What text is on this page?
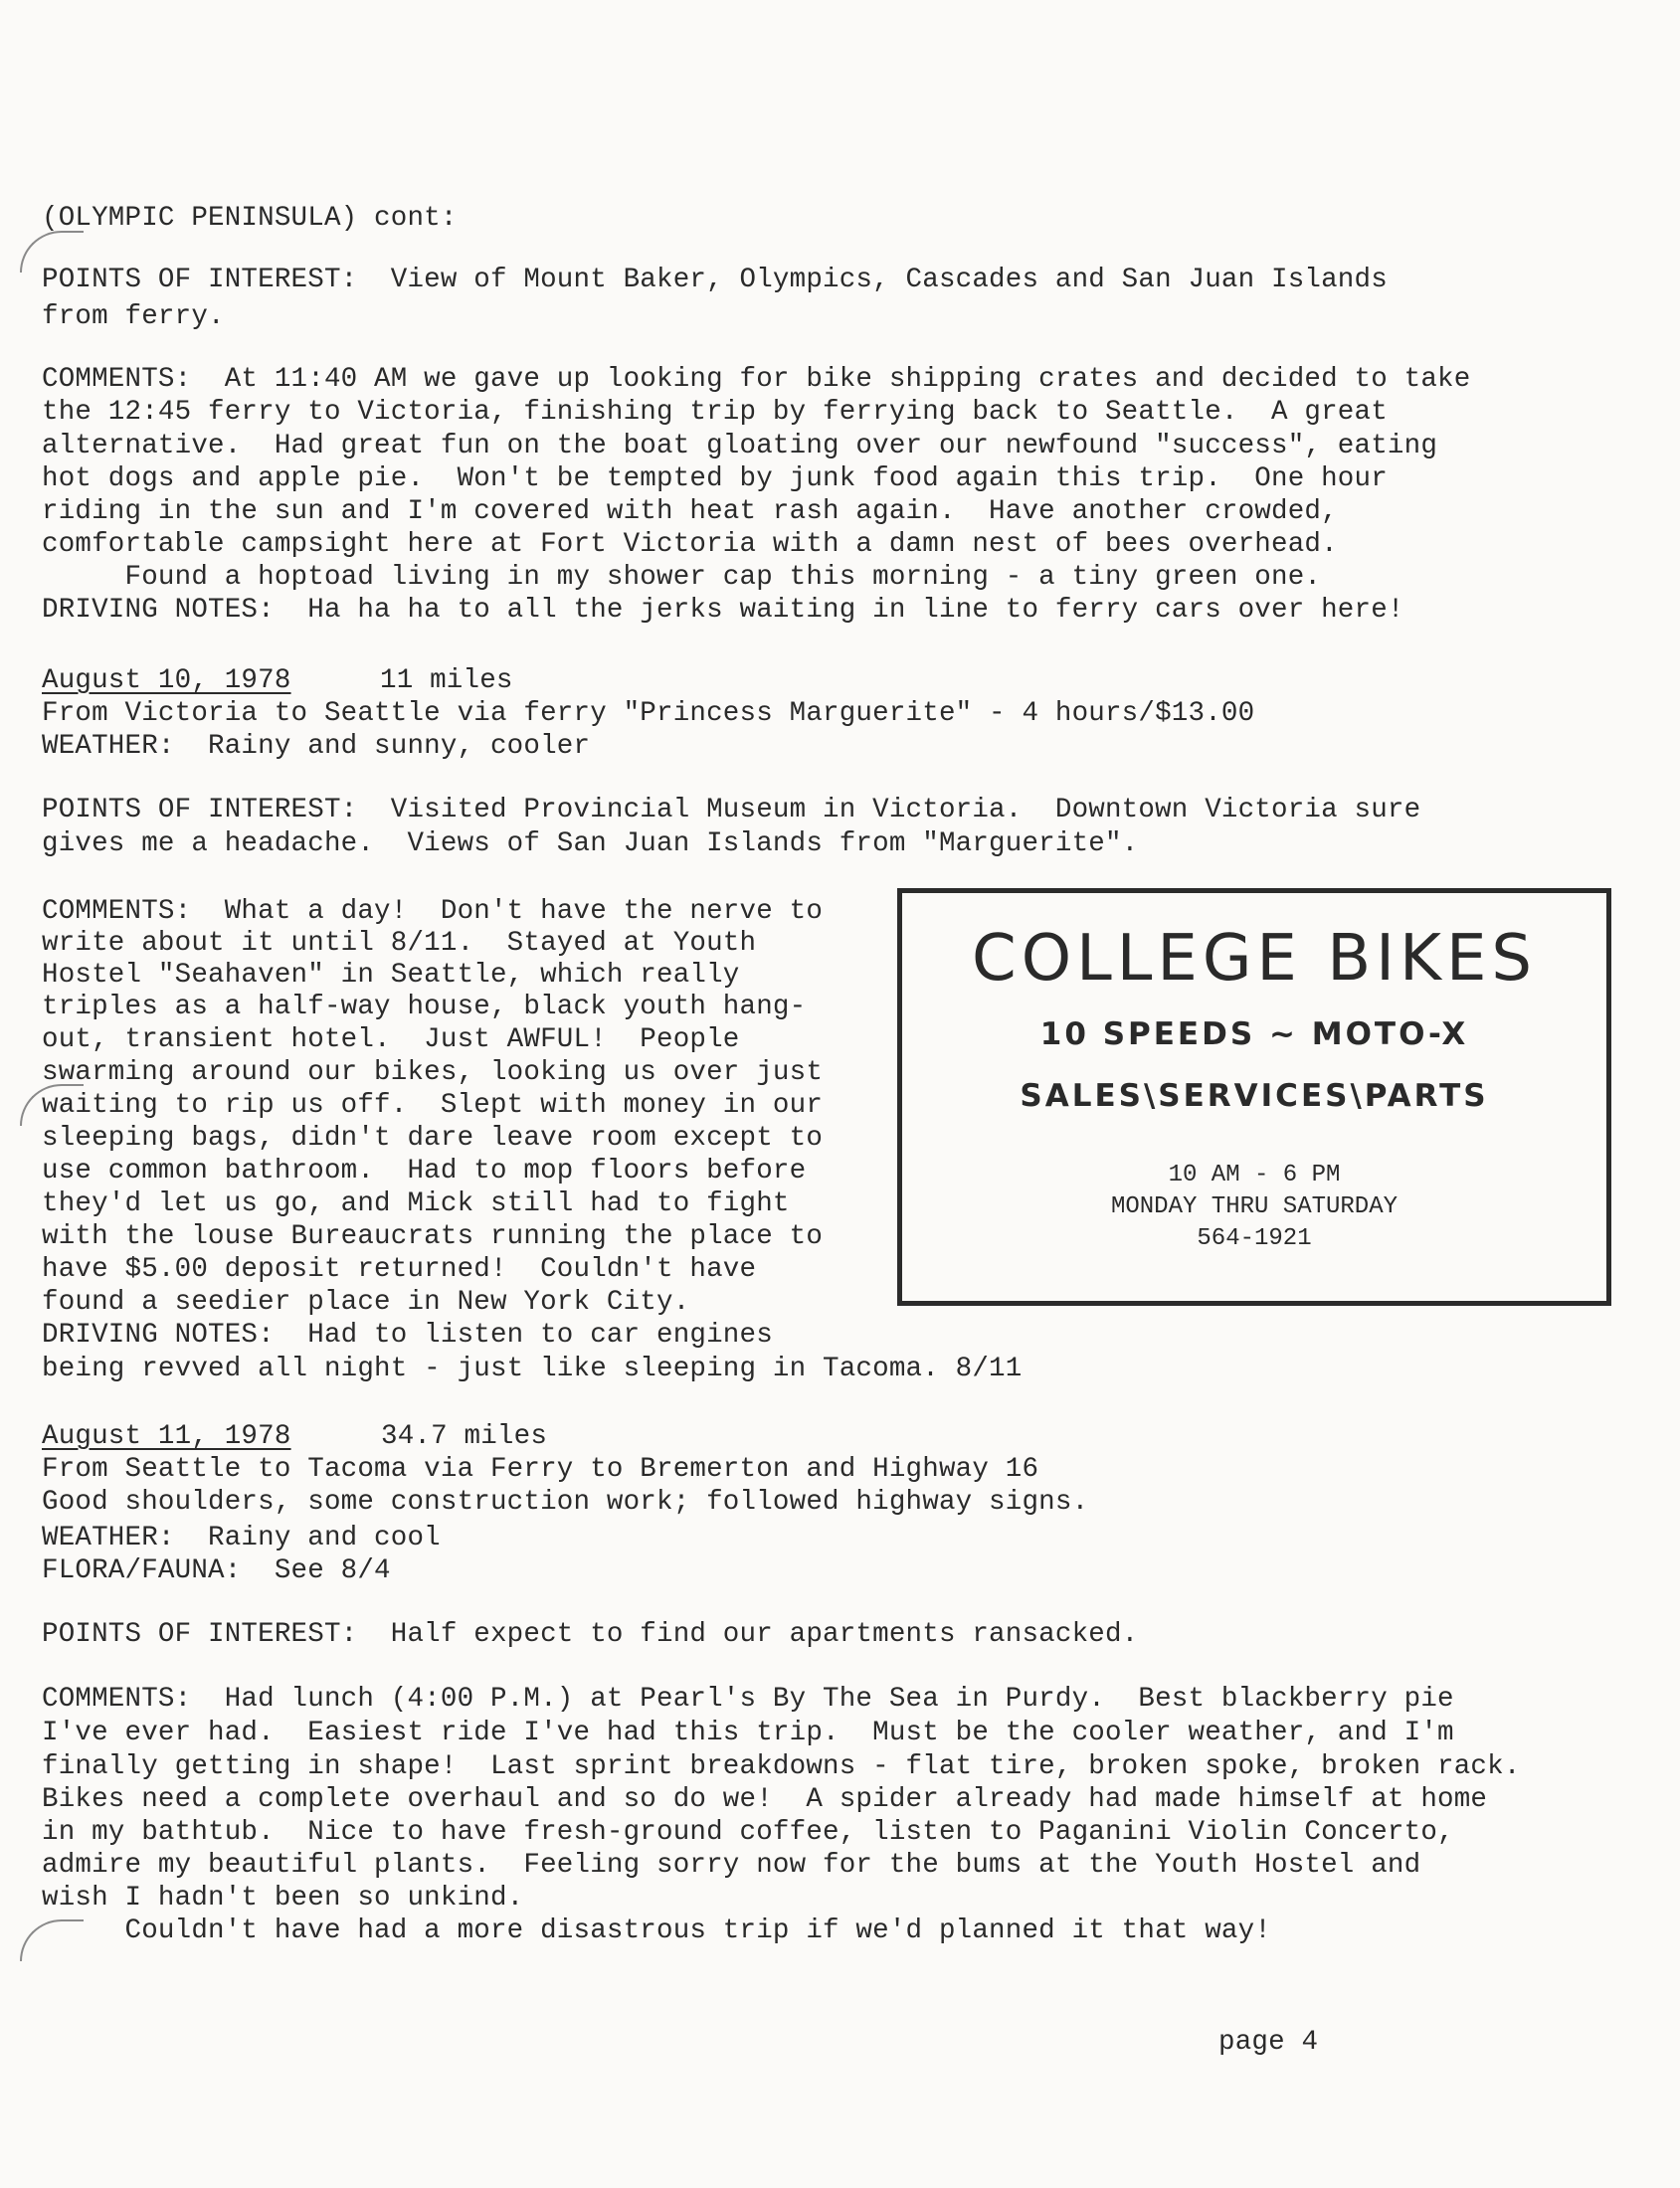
(OLYMPIC PENINSULA) cont:
POINTS OF INTEREST:  View of Mount Baker, Olympics, Cascades and San Juan Islands
from ferry.
COMMENTS:  At 11:40 AM we gave up looking for bike shipping crates and decided to take
the 12:45 ferry to Victoria, finishing trip by ferrying back to Seattle.  A great
alternative.  Had great fun on the boat gloating over our newfound "success", eating
hot dogs and apple pie.  Won't be tempted by junk food again this trip.  One hour
riding in the sun and I'm covered with heat rash again.  Have another crowded,
comfortable campsight here at Fort Victoria with a damn nest of bees overhead.
Found a hoptoad living in my shower cap this morning - a tiny green one.
DRIVING NOTES:  Ha ha ha to all the jerks waiting in line to ferry cars over here!
August 10, 1978	11 miles
From Victoria to Seattle via ferry "Princess Marguerite" - 4 hours/$13.00
WEATHER:  Rainy and sunny, cooler
POINTS OF INTEREST:  Visited Provincial Museum in Victoria.  Downtown Victoria sure
gives me a headache.  Views of San Juan Islands from "Marguerite".
COMMENTS:  What a day!  Don't have the nerve to
write about it until 8/11.  Stayed at Youth
Hostel "Seahaven" in Seattle, which really
triples as a half-way house, black youth hang-
out, transient hotel.  Just AWFUL!  People
swarming around our bikes, looking us over just
waiting to rip us off.  Slept with money in our
sleeping bags, didn't dare leave room except to
use common bathroom.  Had to mop floors before
they'd let us go, and Mick still had to fight
with the louse Bureaucrats running the place to
have $5.00 deposit returned!  Couldn't have
found a seedier place in New York City.
DRIVING NOTES:  Had to listen to car engines
being revved all night - just like sleeping in Tacoma. 8/11
COLLEGE BIKES
10 SPEEDS ~ MOTO-X
SALES\SERVICES\PARTS
10 AM - 6 PM
MONDAY THRU SATURDAY
564-1921
August 11, 1978	34.7 miles
From Seattle to Tacoma via Ferry to Bremerton and Highway 16
Good shoulders, some construction work; followed highway signs.
WEATHER:  Rainy and cool
FLORA/FAUNA:  See 8/4
POINTS OF INTEREST:  Half expect to find our apartments ransacked.
COMMENTS:  Had lunch (4:00 P.M.) at Pearl's By The Sea in Purdy.  Best blackberry pie
I've ever had.  Easiest ride I've had this trip.  Must be the cooler weather, and I'm
finally getting in shape!  Last sprint breakdowns - flat tire, broken spoke, broken rack.
Bikes need a complete overhaul and so do we!  A spider already had made himself at home
in my bathtub.  Nice to have fresh-ground coffee, listen to Paganini Violin Concerto,
admire my beautiful plants.  Feeling sorry now for the bums at the Youth Hostel and
wish I hadn't been so unkind.
Couldn't have had a more disastrous trip if we'd planned it that way!
page 4
